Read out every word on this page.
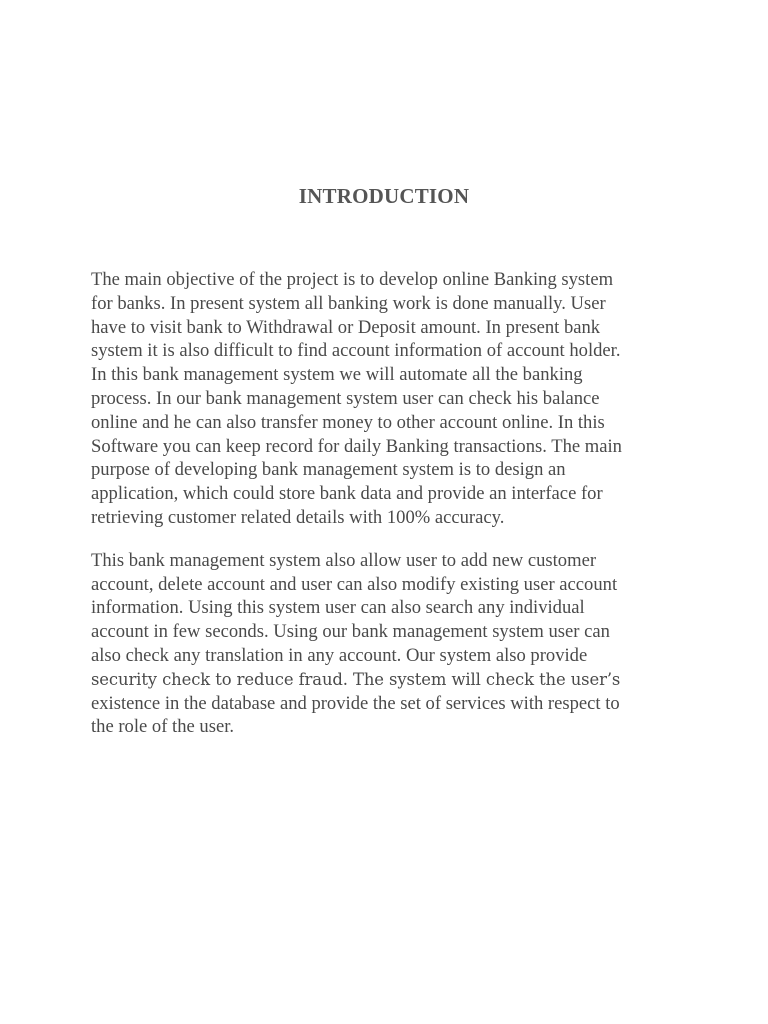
INTRODUCTION

The main objective of the project is to develop online Banking system
for banks. In present system all banking work is done manually. User
have to visit bank to Withdrawal or Deposit amount. In present bank
system it is also difficult to find account information of account holder.
In this bank management system we will automate all the banking
process. In our bank management system user can check his balance
online and he can also transfer money to other account online. In this
Software you can keep record for daily Banking transactions. The main
purpose of developing bank management system is to design an
application, which could store bank data and provide an interface for
retrieving customer related details with 100% accuracy.

This bank management system also allow user to add new customer
account, delete account and user can also modify existing user account
information. Using this system user can also search any individual
account in few seconds. Using our bank management system user can
also check any translation in any account. Our system also provide
security check to reduce fraud. The system will check the user’s
existence in the database and provide the set of services with respect to
the role of the user.
